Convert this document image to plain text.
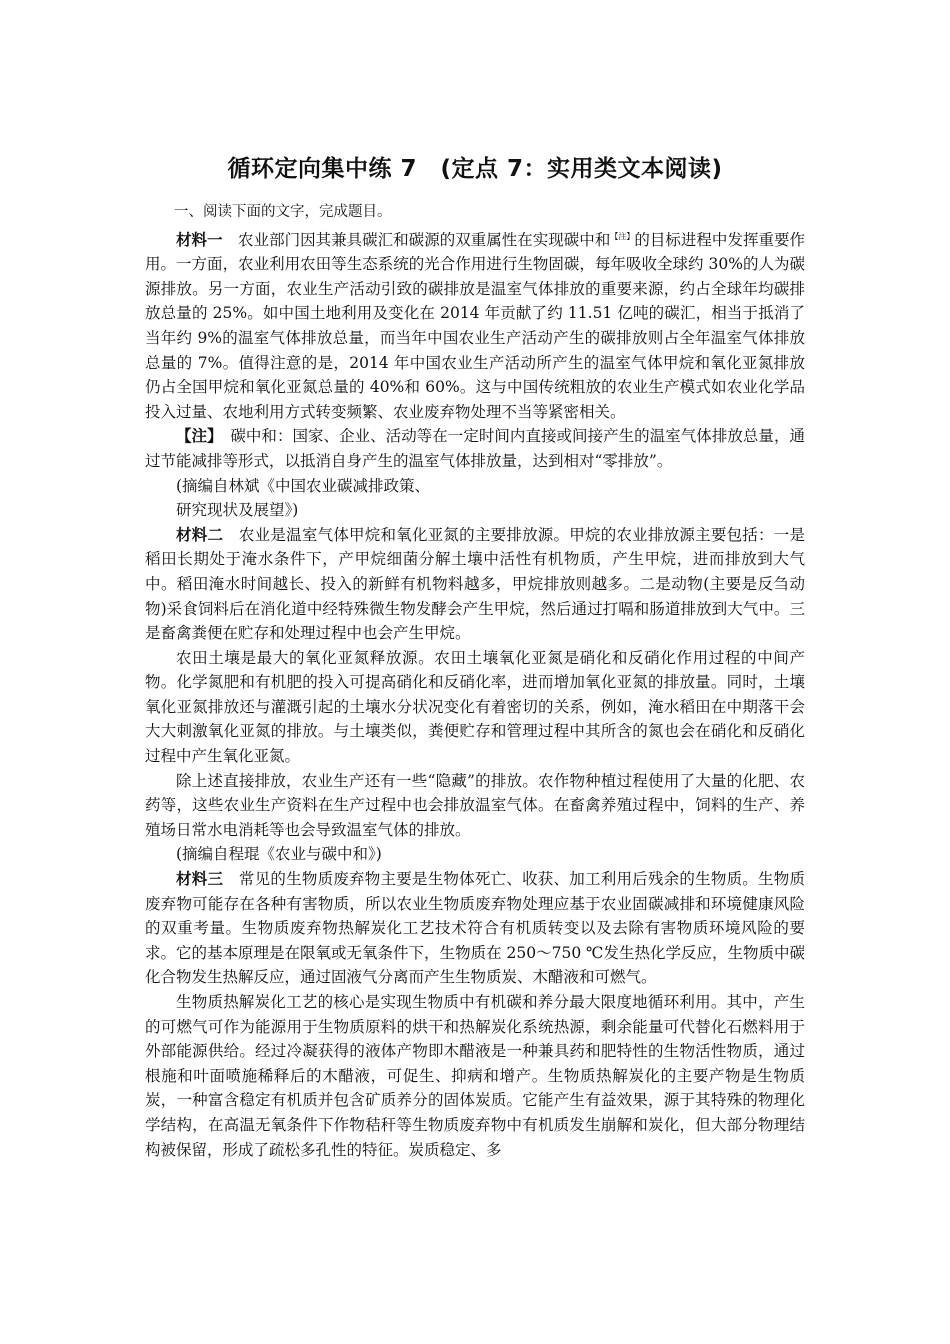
循环定向集中练 7　(定点 7：实用类文本阅读)

一、阅读下面的文字，完成题目。

材料一　农业部门因其兼具碳汇和碳源的双重属性在实现碳中和$^{【注】}$的目标进程中发挥重要作用。一方面，农业利用农田等生态系统的光合作用进行生物固碳，每年吸收全球约 30%的人为碳源排放。另一方面，农业生产活动引致的碳排放是温室气体排放的重要来源，约占全球年均碳排放总量的 25%。如中国土地利用及变化在 2014 年贡献了约 11.51 亿吨的碳汇，相当于抵消了当年约 9%的温室气体排放总量，而当年中国农业生产活动产生的碳排放则占全年温室气体排放总量的 7%。值得注意的是，2014 年中国农业生产活动所产生的温室气体甲烷和氧化亚氮排放仍占全国甲烷和氧化亚氮总量的 40%和 60%。这与中国传统粗放的农业生产模式如农业化学品投入过量、农地利用方式转变频繁、农业废弃物处理不当等紧密相关。

【注】　碳中和：国家、企业、活动等在一定时间内直接或间接产生的温室气体排放总量，通过节能减排等形式，以抵消自身产生的温室气体排放量，达到相对“零排放”。

(摘编自林斌《中国农业碳减排政策、

研究现状及展望》)

材料二　农业是温室气体甲烷和氧化亚氮的主要排放源。甲烷的农业排放源主要包括：一是稻田长期处于淹水条件下，产甲烷细菌分解土壤中活性有机物质，产生甲烷，进而排放到大气中。稻田淹水时间越长、投入的新鲜有机物料越多，甲烷排放则越多。二是动物(主要是反刍动物)采食饲料后在消化道中经特殊微生物发酵会产生甲烷，然后通过打嗝和肠道排放到大气中。三是畜禽粪便在贮存和处理过程中也会产生甲烷。

农田土壤是最大的氧化亚氮释放源。农田土壤氧化亚氮是硝化和反硝化作用过程的中间产物。化学氮肥和有机肥的投入可提高硝化和反硝化率，进而增加氧化亚氮的排放量。同时，土壤氧化亚氮排放还与灌溉引起的土壤水分状况变化有着密切的关系，例如，淹水稻田在中期落干会大大刺激氧化亚氮的排放。与土壤类似，粪便贮存和管理过程中其所含的氮也会在硝化和反硝化过程中产生氧化亚氮。

除上述直接排放，农业生产还有一些“隐藏”的排放。农作物种植过程使用了大量的化肥、农药等，这些农业生产资料在生产过程中也会排放温室气体。在畜禽养殖过程中，饲料的生产、养殖场日常水电消耗等也会导致温室气体的排放。

(摘编自程琨《农业与碳中和》)

材料三　常见的生物质废弃物主要是生物体死亡、收获、加工利用后残余的生物质。生物质废弃物可能存在各种有害物质，所以农业生物质废弃物处理应基于农业固碳减排和环境健康风险的双重考量。生物质废弃物热解炭化工艺技术符合有机质转变以及去除有害物质环境风险的要求。它的基本原理是在限氧或无氧条件下，生物质在 250～750 ℃发生热化学反应，生物质中碳化合物发生热解反应，通过固液气分离而产生生物质炭、木醋液和可燃气。

生物质热解炭化工艺的核心是实现生物质中有机碳和养分最大限度地循环利用。其中，产生的可燃气可作为能源用于生物质原料的烘干和热解炭化系统热源，剩余能量可代替化石燃料用于外部能源供给。经过冷凝获得的液体产物即木醋液是一种兼具药和肥特性的生物活性物质，通过根施和叶面喷施稀释后的木醋液，可促生、抑病和增产。生物质热解炭化的主要产物是生物质炭，一种富含稳定有机质并包含矿质养分的固体炭质。它能产生有益效果，源于其特殊的物理化学结构，在高温无氧条件下作物秸秆等生物质废弃物中有机质发生崩解和炭化，但大部分物理结构被保留，形成了疏松多孔性的特征。炭质稳定、多
